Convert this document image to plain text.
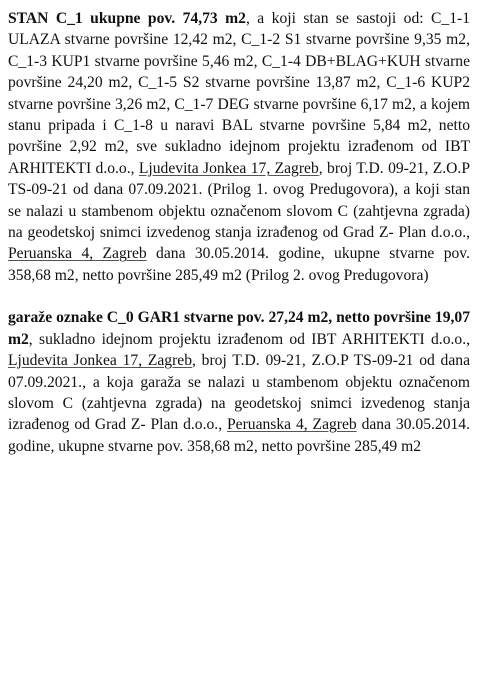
STAN C_1 ukupne pov. 74,73 m2, a koji stan se sastoji od: C_1-1 ULAZA stvarne površine 12,42 m2, C_1-2 S1 stvarne površine 9,35 m2, C_1-3 KUP1 stvarne površine 5,46 m2, C_1-4 DB+BLAG+KUH stvarne površine 24,20 m2, C_1-5 S2 stvarne površine 13,87 m2, C_1-6 KUP2 stvarne površine 3,26 m2, C_1-7 DEG stvarne površine 6,17 m2, a kojem stanu pripada i C_1-8 u naravi BAL stvarne površine 5,84 m2, netto površine 2,92 m2, sve sukladno idejnom projektu izrađenom od IBT ARHITEKTI d.o.o., Ljudevita Jonkea 17, Zagreb, broj T.D. 09-21, Z.O.P TS-09-21 od dana 07.09.2021. (Prilog 1. ovog Predugovora), a koji stan se nalazi u stambenom objektu označenom slovom C (zahtjevna zgrada) na geodetskoj snimci izvedenog stanja izrađenog od Grad Z- Plan d.o.o., Peruanska 4, Zagreb dana 30.05.2014. godine, ukupne stvarne pov. 358,68 m2, netto površine 285,49 m2 (Prilog 2. ovog Predugovora)

garaže oznake C_0 GAR1 stvarne pov. 27,24 m2, netto površine 19,07 m2, sukladno idejnom projektu izrađenom od IBT ARHITEKTI d.o.o., Ljudevita Jonkea 17, Zagreb, broj T.D. 09-21, Z.O.P TS-09-21 od dana 07.09.2021., a koja garaža se nalazi u stambenom objektu označenom slovom C (zahtjevna zgrada) na geodetskoj snimci izvedenog stanja izrađenog od Grad Z- Plan d.o.o., Peruanska 4, Zagreb dana 30.05.2014. godine, ukupne stvarne pov. 358,68 m2, netto površine 285,49 m2
